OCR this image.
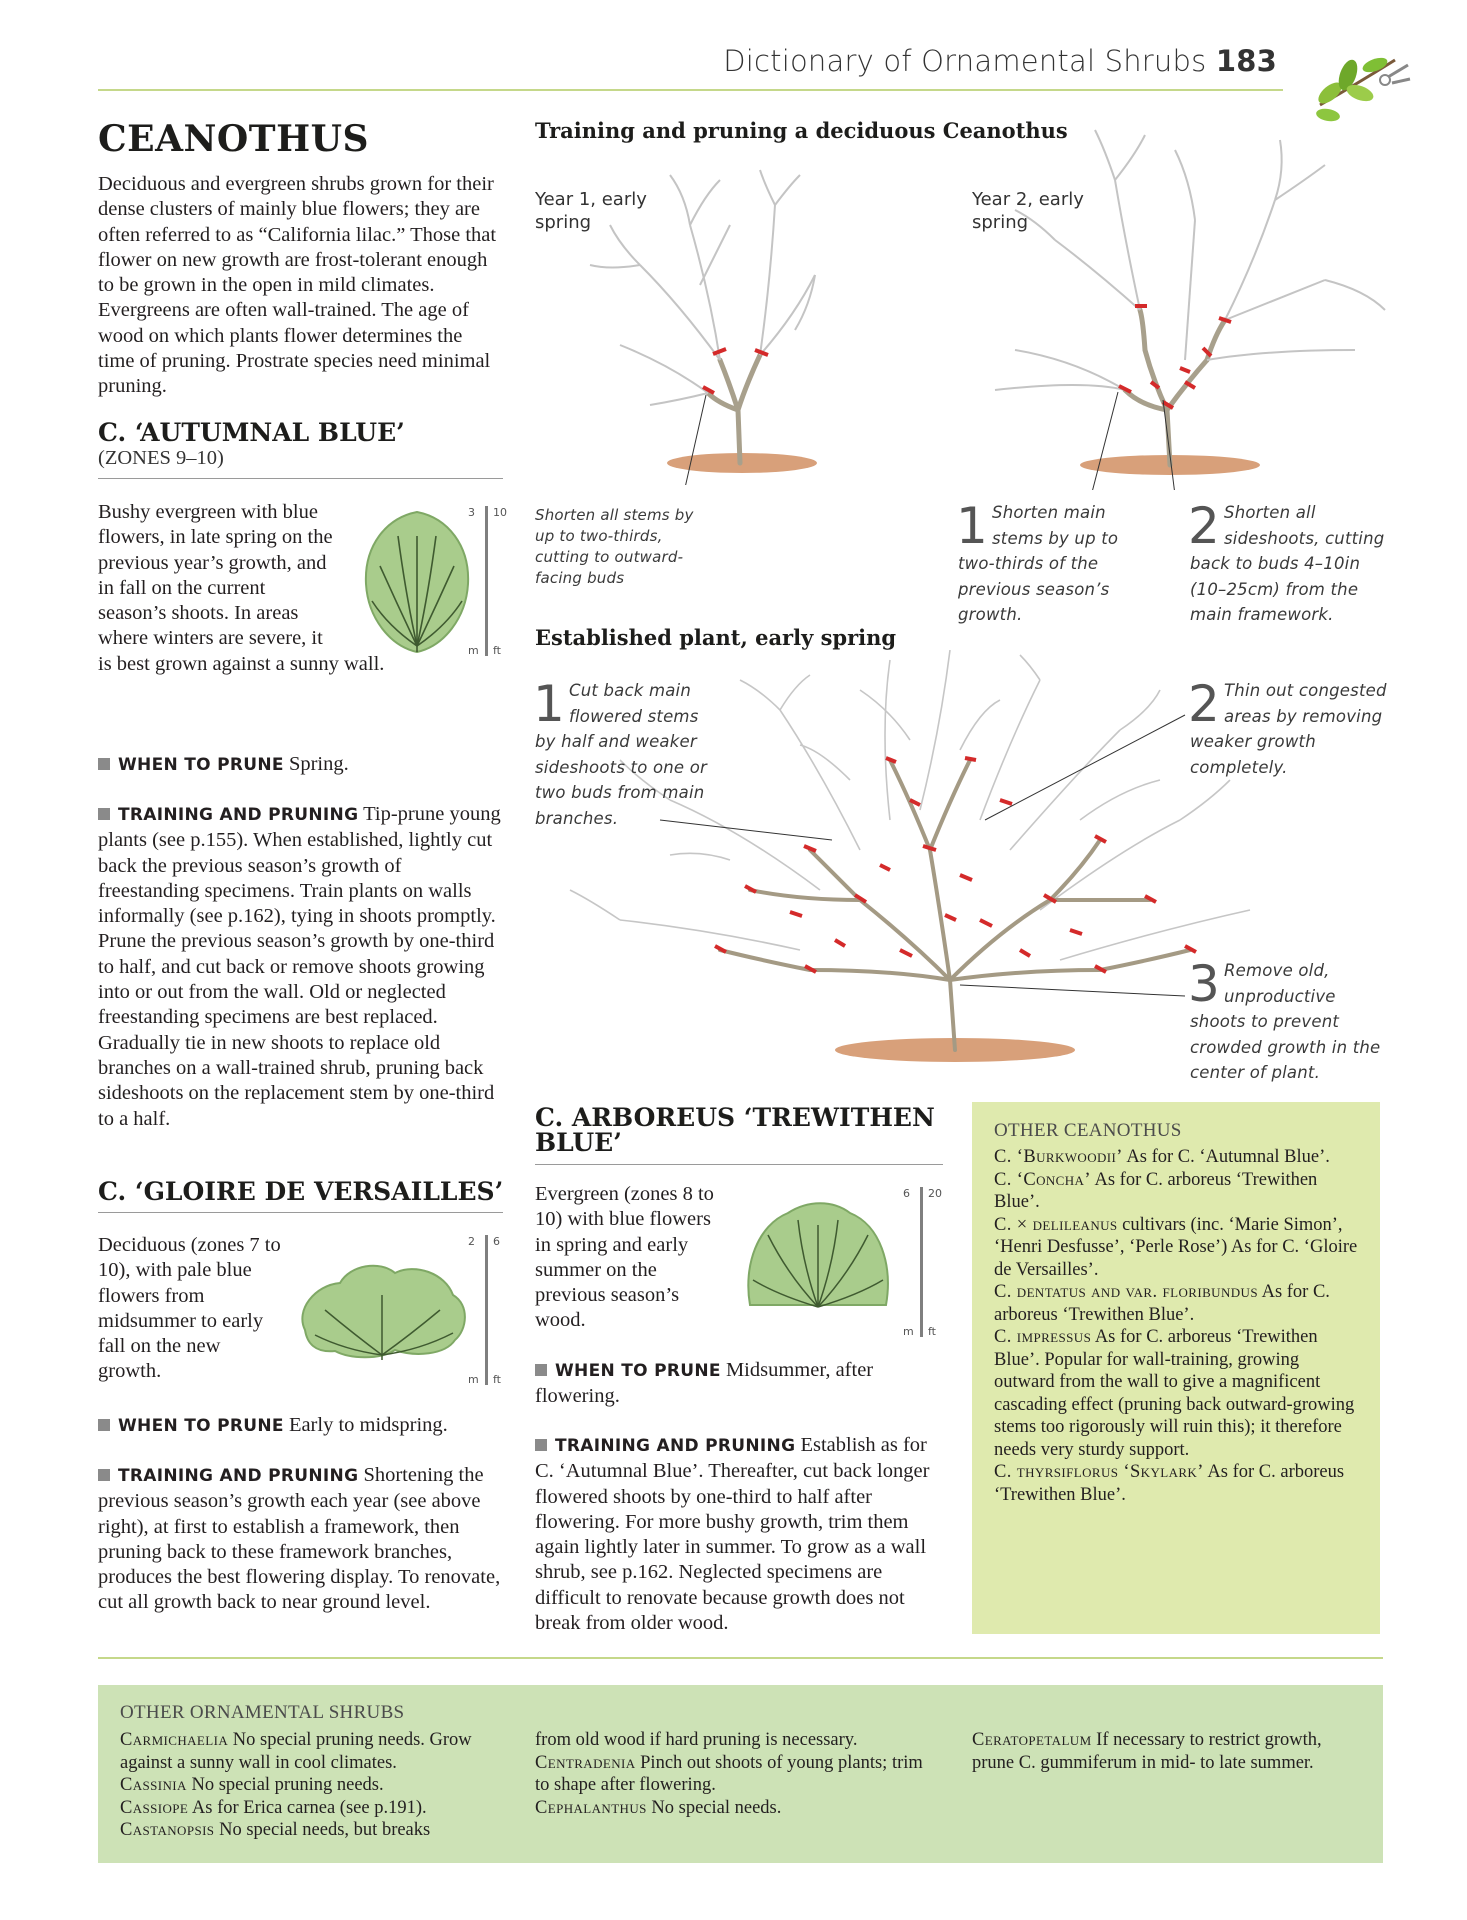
Dictionary of Ornamental Shrubs 183
CEANOTHUS
Deciduous and evergreen shrubs grown for their dense clusters of mainly blue flowers; they are often referred to as “California lilac.” Those that flower on new growth are frost-tolerant enough to be grown in the open in mild climates. Evergreens are often wall-trained. The age of wood on which plants flower determines the time of pruning. Prostrate species need minimal pruning.
C. ‘AUTUMNAL BLUE’
(ZONES 9–10)
3 10
m ft
Bushy evergreen with blue flowers, in late spring on the previous year’s growth, and in fall on the current season’s shoots. In areas where winters are severe, it is best grown against a sunny wall.
WHEN TO PRUNE Spring.
TRAINING AND PRUNING Tip-prune young plants (see p.155). When established, lightly cut back the previous season’s growth of freestanding specimens. Train plants on walls informally (see p.162), tying in shoots promptly. Prune the previous season’s growth by one-third to half, and cut back or remove shoots growing into or out from the wall. Old or neglected freestanding specimens are best replaced. Gradually tie in new shoots to replace old branches on a wall-trained shrub, pruning back sideshoots on the replacement stem by one-third to a half.
C. ‘GLOIRE DE VERSAILLES’
2 6
m ft
Deciduous (zones 7 to 10), with pale blue flowers from midsummer to early fall on the new growth.
WHEN TO PRUNE Early to midspring.
TRAINING AND PRUNING Shortening the previous season’s growth each year (see above right), at first to establish a framework, then pruning back to these framework branches, produces the best flowering display. To renovate, cut all growth back to near ground level.
Training and pruning a deciduous Ceanothus
Year 1, early spring
Year 2, early spring
Shorten all stems by up to two-thirds, cutting to outward-facing buds
1 Shorten main stems by up to two-thirds of the previous season’s growth.
2 Shorten all sideshoots, cutting back to buds 4–10in (10–25cm) from the main framework.
Established plant, early spring
1 Cut back main flowered stems by half and weaker sideshoots to one or two buds from main branches.
2 Thin out congested areas by removing weaker growth completely.
3 Remove old, unproductive shoots to prevent crowded growth in the center of plant.
C. ARBOREUS ‘TREWITHEN BLUE’
6 20
m ft
Evergreen (zones 8 to 10) with blue flowers in spring and early summer on the previous season’s wood.
WHEN TO PRUNE Midsummer, after flowering.
TRAINING AND PRUNING Establish as for C. ‘Autumnal Blue’. Thereafter, cut back longer flowered shoots by one-third to half after flowering. For more bushy growth, trim them again lightly later in summer. To grow as a wall shrub, see p.162. Neglected specimens are difficult to renovate because growth does not break from older wood.
OTHER CEANOTHUS
C. ‘Burkwoodii’ As for C. ‘Autumnal Blue’.
C. ‘Concha’ As for C. arboreus ‘Trewithen Blue’.
C. × delileanus cultivars (inc. ‘Marie Simon’, ‘Henri Desfusse’, ‘Perle Rose’) As for C. ‘Gloire de Versailles’.
C. dentatus and var. floribundus As for C. arboreus ‘Trewithen Blue’.
C. impressus As for C. arboreus ‘Trewithen Blue’. Popular for wall-training, growing outward from the wall to give a magnificent cascading effect (pruning back outward-growing stems too rigorously will ruin this); it therefore needs very sturdy support.
C. thyrsiflorus ‘Skylark’ As for C. arboreus ‘Trewithen Blue’.
OTHER ORNAMENTAL SHRUBS
Carmichaelia No special pruning needs. Grow against a sunny wall in cool climates.
Cassinia No special pruning needs.
Cassiope As for Erica carnea (see p.191).
Castanopsis No special needs, but breaks
from old wood if hard pruning is necessary.
Centradenia Pinch out shoots of young plants; trim to shape after flowering.
Cephalanthus No special needs.
Ceratopetalum If necessary to restrict growth, prune C. gummiferum in mid- to late summer.
